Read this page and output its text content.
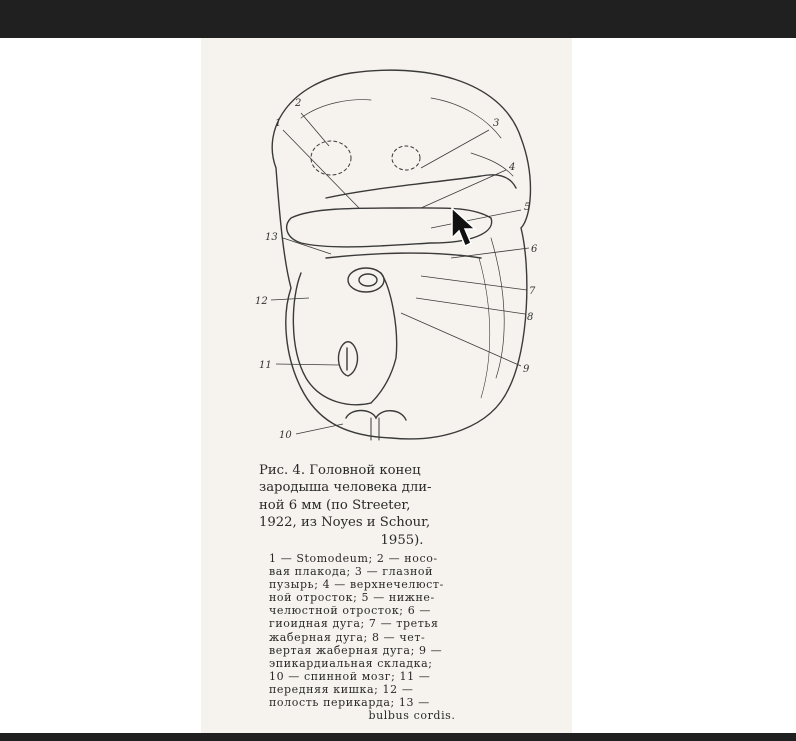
1
2
3
4
5
6
7
8
9
10
11
12
13
Рис. 4. Головной конец
зародыша человека дли-
ной 6 мм (по Streeter,
1922, из Noyes и Schour,
1955).
1 — Stomodeum; 2 — носо-
вая плакода; 3 — глазной
пузырь; 4 — верхнечелюст-
ной отросток; 5 — нижне-
челюстной отросток; 6 —
гиоидная дуга; 7 — третья
жаберная дуга; 8 — чет-
вертая жаберная дуга; 9 —
эпикардиальная складка;
10 — спинной мозг; 11 —
передняя кишка; 12 —
полость перикарда; 13 —
bulbus cordis.
